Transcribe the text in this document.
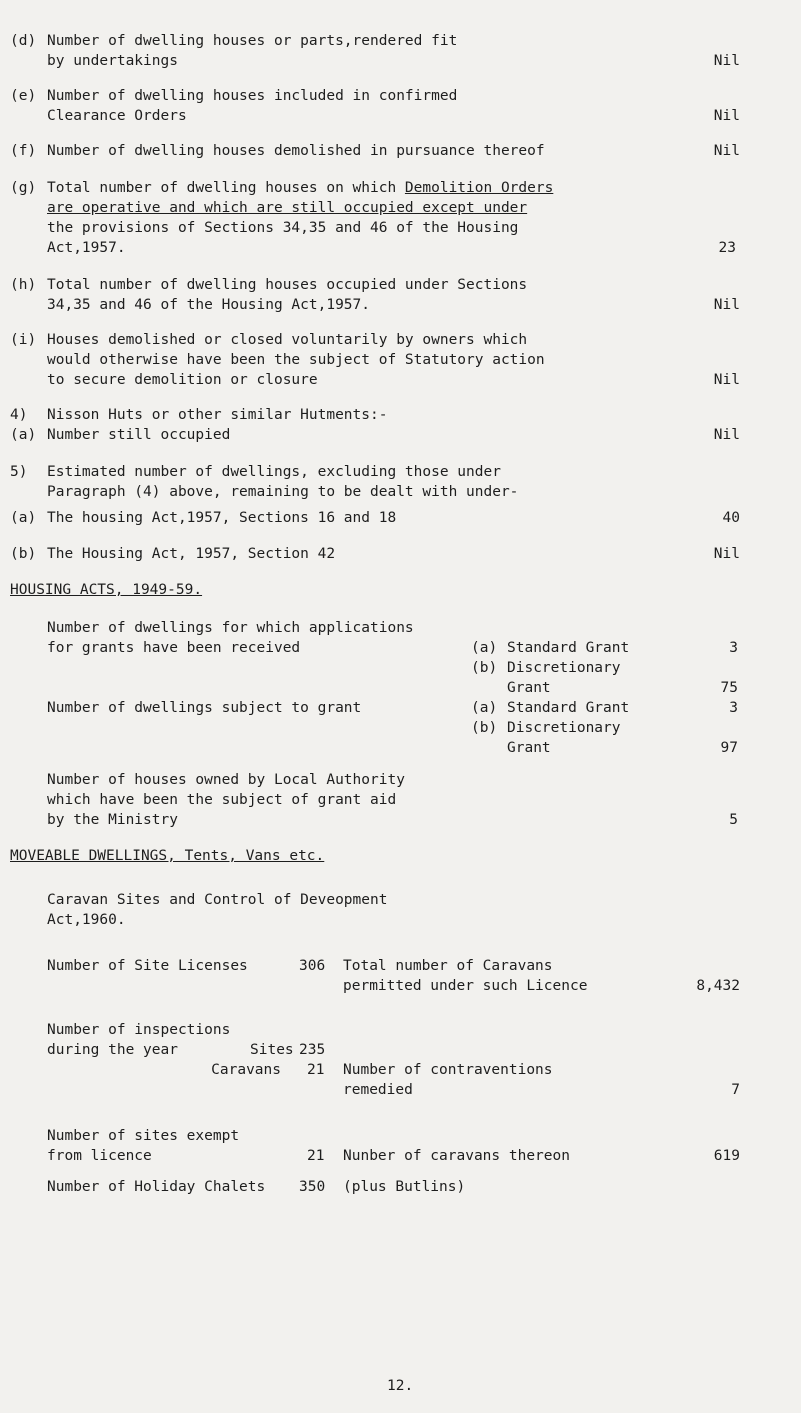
(d) Number of dwelling houses or parts,rendered fit
by undertakings	Nil
(e) Number of dwelling houses included in confirmed
Clearance Orders	Nil
(f) Number of dwelling houses demolished in pursuance thereof	Nil
(g) Total number of dwelling houses on which Demolition Orders
are operative and which are still occupied except under
the provisions of Sections 34,35 and 46 of the Housing
Act,1957.	23
(h) Total number of dwelling houses occupied under Sections
34,35 and 46 of the Housing Act,1957.	Nil
(i) Houses demolished or closed voluntarily by owners which
would otherwise have been the subject of Statutory action
to secure demolition or closure	Nil
4) Nisson Huts or other similar Hutments:-
(a) Number still occupied	Nil
5) Estimated number of dwellings, excluding those under
Paragraph (4) above, remaining to be dealt with under-
(a) The housing Act,1957, Sections 16 and 18	40
(b) The Housing Act, 1957, Section 42	Nil
HOUSING ACTS, 1949-59.
Number of dwellings for which applications
for grants have been received	(a) Standard Grant	3
(b) Discretionary
Grant	75
Number of dwellings subject to grant	(a) Standard Grant	3
(b) Discretionary
Grant	97
Number of houses owned by Local Authority
which have been the subject of grant aid
by the Ministry	5
MOVEABLE DWELLINGS, Tents, Vans etc.
Caravan Sites and Control of Deveopment
Act,1960.
Number of Site Licenses	306 Total number of Caravans
permitted under such Licence	8,432
Number of inspections
during the year	Sites 235
Caravans 21 Number of contraventions
remedied	7
Number of sites exempt
from licence	21 Nunber of caravans thereon	619
Number of Holiday Chalets 350 (plus Butlins)
12.
